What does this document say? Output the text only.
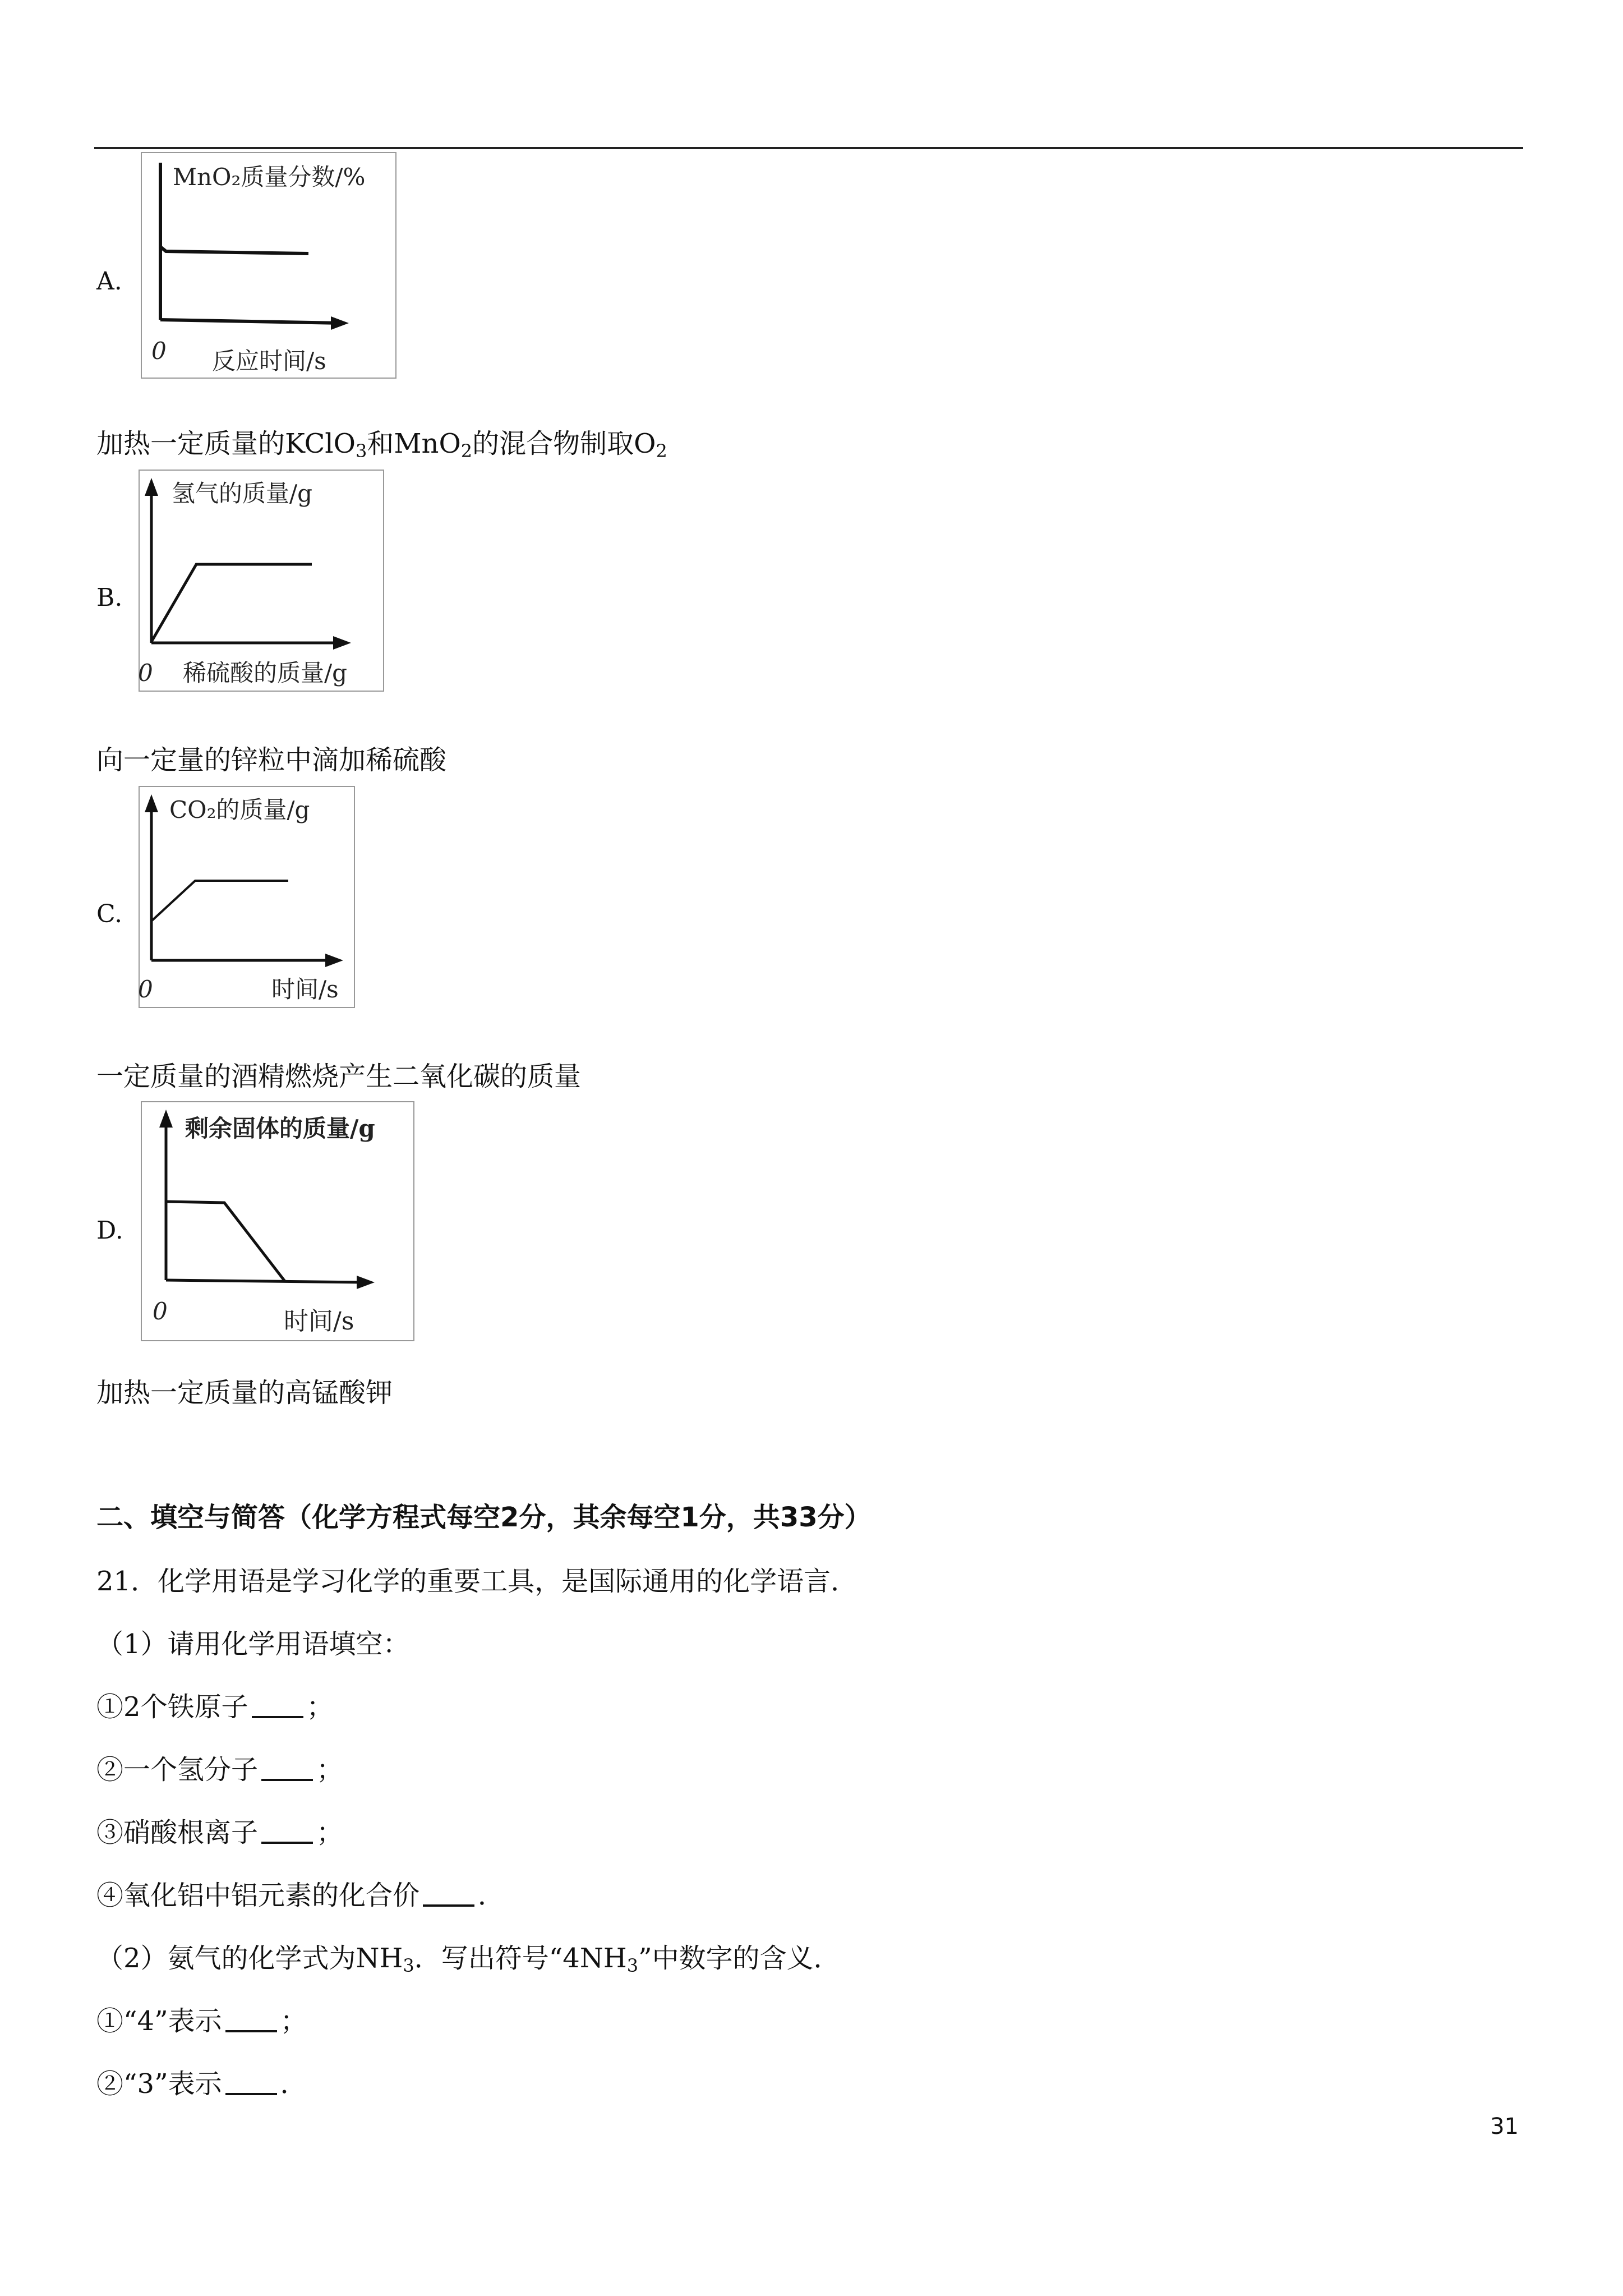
A.
MnO₂质量分数/%
0 反应时间/s
加热一定质量的KClO$_3$和MnO$_2$的混合物制取$O_2$
B.
氢气的质量/g
0 稀硫酸的质量/g
向一定量的锌粒中滴加稀硫酸
C.
CO₂的质量/g
0	时间/s
一定质量的酒精燃烧产生二氧化碳的质量
D.
剩余固体的质量/g
0	时间/s
加热一定质量的高锰酸钾
二、填空与简答（化学方程式每空2分，其余每空1分，共33分）
21．化学用语是学习化学的重要工具，是国际通用的化学语言．
（1）请用化学用语填空：
①2个铁原子 ；
②一个氢分子 ；
③硝酸根离子 ；
④氧化铝中铝元素的化合价 ．
（2）氨气的化学式为$NH_3$．写出符号“$4NH_3$”中数字的含义．
①“4”表示 ；
②“3”表示 ．
31
